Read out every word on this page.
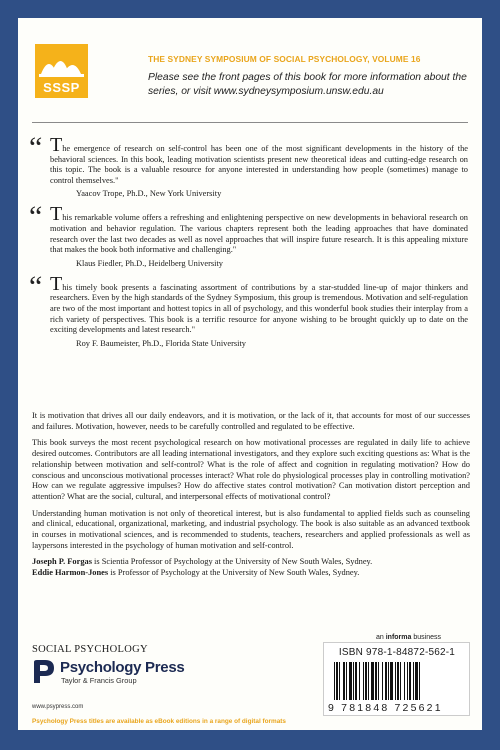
SSSP
THE SYDNEY SYMPOSIUM OF SOCIAL PSYCHOLOGY, VOLUME 16
Please see the front pages of this book for more information about the series, or visit www.sydneysymposium.unsw.edu.au
“ The emergence of research on self-control has been one of the most significant developments in the history of the behavioral sciences. In this book, leading motivation scientists present new theoretical ideas and cutting-edge research on this topic. The book is a valuable resource for anyone interested in understanding how people (sometimes) manage to control themselves."
Yaacov Trope, Ph.D., New York University
“ This remarkable volume offers a refreshing and enlightening perspective on new developments in behavioral research on motivation and behavior regulation. The various chapters represent both the leading approaches that have dominated research over the last two decades as well as novel approaches that will inspire future research. It is this appealing mixture that makes the book both informative and challenging."
Klaus Fiedler, Ph.D., Heidelberg University
“ This timely book presents a fascinating assortment of contributions by a star-studded line-up of major thinkers and researchers. Even by the high standards of the Sydney Symposium, this group is tremendous. Motivation and self-regulation are two of the most important and hottest topics in all of psychology, and this wonderful book studies their interplay from a rich variety of perspectives. This book is a terrific resource for anyone wishing to be brought quickly up to date on the exciting developments and latest research."
Roy F. Baumeister, Ph.D., Florida State University

It is motivation that drives all our daily endeavors, and it is motivation, or the lack of it, that accounts for most of our successes and failures. Motivation, however, needs to be carefully controlled and regulated to be effective.

This book surveys the most recent psychological research on how motivational processes are regulated in daily life to achieve desired outcomes. Contributors are all leading international investigators, and they explore such exciting questions as: What is the relationship between motivation and self-control? What is the role of affect and cognition in regulating motivation? How do conscious and unconscious motivational processes interact? What role do physiological processes play in controlling motivation? How can we regulate aggressive impulses? How do affective states control motivation? Can motivation distort perception and attention? What are the social, cultural, and interpersonal effects of motivational control?

Understanding human motivation is not only of theoretical interest, but is also fundamental to applied fields such as counseling and clinical, educational, organizational, marketing, and industrial psychology. The book is also suitable as an advanced textbook in courses in motivational sciences, and is recommended to students, teachers, researchers and applied professionals as well as laypersons interested in the psychology of human motivation and self-control.

Joseph P. Forgas is Scientia Professor of Psychology at the University of New South Wales, Sydney.
Eddie Harmon-Jones is Professor of Psychology at the University of New South Wales, Sydney.

SOCIAL PSYCHOLOGY
Psychology Press
Taylor & Francis Group
www.psypress.com
Psychology Press titles are available as eBook editions in a range of digital formats
an informa business
ISBN 978-1-84872-562-1
9 781848 725621
